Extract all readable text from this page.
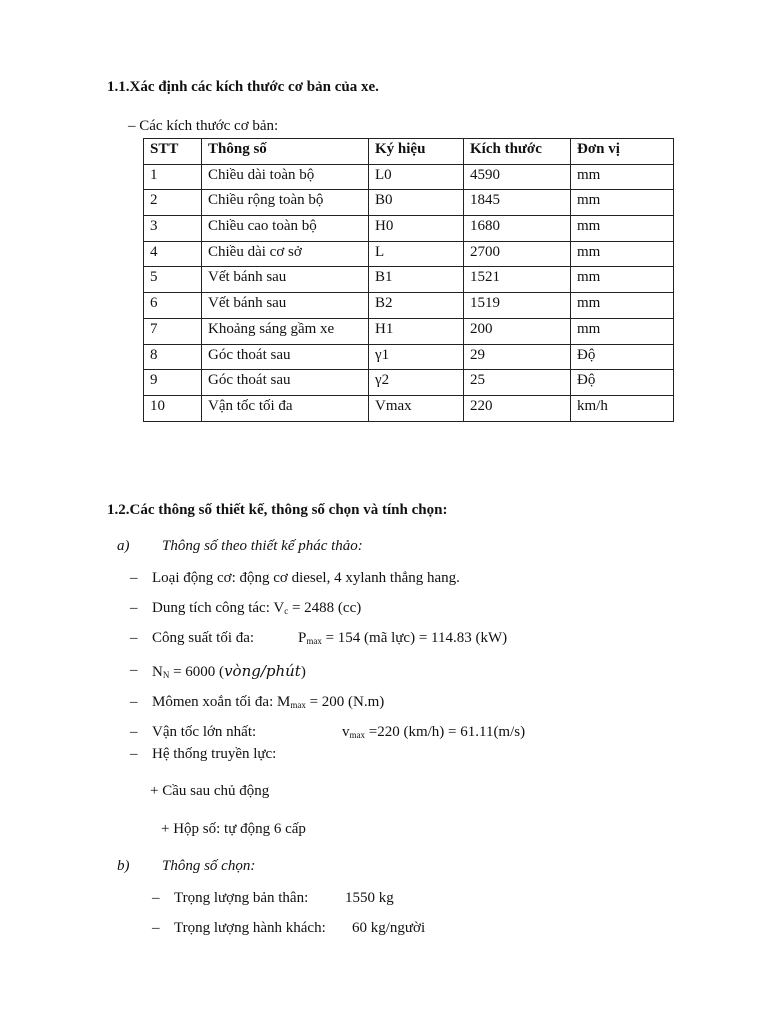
1.1.Xác định các kích thước cơ bản của xe.
– Các kích thước cơ bản:
STT	Thông số	Ký hiệu	Kích thước	Đơn vị
1	Chiều dài toàn bộ	L0	4590	mm
2	Chiều rộng toàn bộ	B0	1845	mm
3	Chiều cao toàn bộ	H0	1680	mm
4	Chiều dài cơ sở	L	2700	mm
5	Vết bánh sau	B1	1521	mm
6	Vết bánh sau	B2	1519	mm
7	Khoảng sáng gầm xe	H1	200	mm
8	Góc thoát sau	γ1	29	Độ
9	Góc thoát sau	γ2	25	Độ
10	Vận tốc tối đa	Vmax	220	km/h
1.2.Các thông số thiết kế, thông số chọn và tính chọn:
a) Thông số theo thiết kế phác thảo:
– Loại động cơ: động cơ diesel, 4 xylanh thẳng hang.
– Dung tích công tác: $V_c = 2488$ (cc)
– Công suất tối đa:	$P_{max} = 154$ (mã lực) = 114.83 (kW)
– $N_N = 6000$ (vòng/phút)
– Mômen xoắn tối đa: $M_{max} = 200$ (N.m)
– Vận tốc lớn nhất:	$v_{max} =220$ (km/h) = 61.11(m/s)
– Hệ thống truyền lực:
+ Cầu sau chủ động
+ Hộp số: tự động 6 cấp
b) Thông số chọn:
– Trọng lượng bản thân: 1550 kg
– Trọng lượng hành khách: 60 kg/người
